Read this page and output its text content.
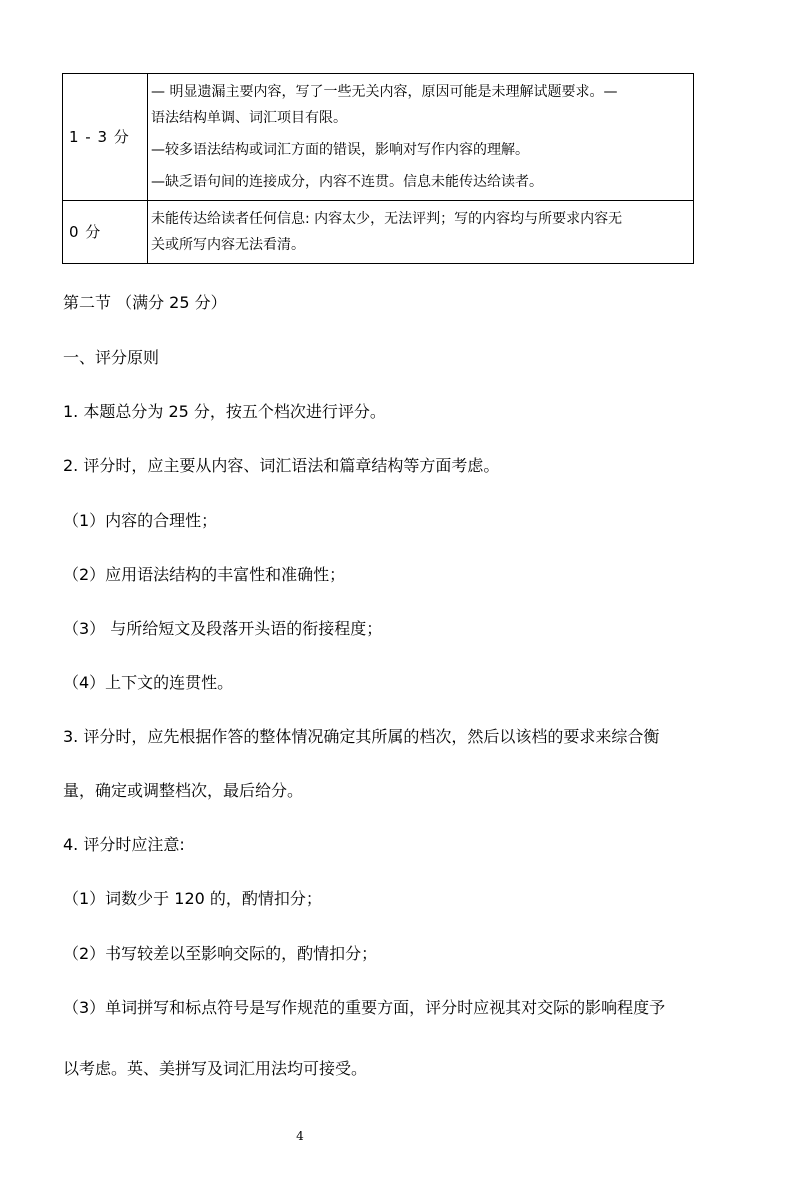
1 - 3 分	— 明显遗漏主要内容，写了一些无关内容，原因可能是未理解试题要求。—
语法结构单调、词汇项目有限。
—较多语法结构或词汇方面的错误，影响对写作内容的理解。
—缺乏语句间的连接成分，内容不连贯。信息未能传达给读者。

0 分	未能传达给读者任何信息: 内容太少，无法评判；写的内容均与所要求内容无
关或所写内容无法看清。
第二节 （满分 25 分）
一、评分原则
1. 本题总分为 25 分，按五个档次进行评分。
2. 评分时，应主要从内容、词汇语法和篇章结构等方面考虑。
（1）内容的合理性；
（2）应用语法结构的丰富性和准确性；
（3） 与所给短文及段落开头语的衔接程度；
（4）上下文的连贯性。
3. 评分时，应先根据作答的整体情况确定其所属的档次，然后以该档的要求来综合衡
量，确定或调整档次，最后给分。
4. 评分时应注意:
（1）词数少于 120 的，酌情扣分；
（2）书写较差以至影响交际的，酌情扣分；
（3）单词拼写和标点符号是写作规范的重要方面，评分时应视其对交际的影响程度予
以考虑。英、美拼写及词汇用法均可接受。
4
